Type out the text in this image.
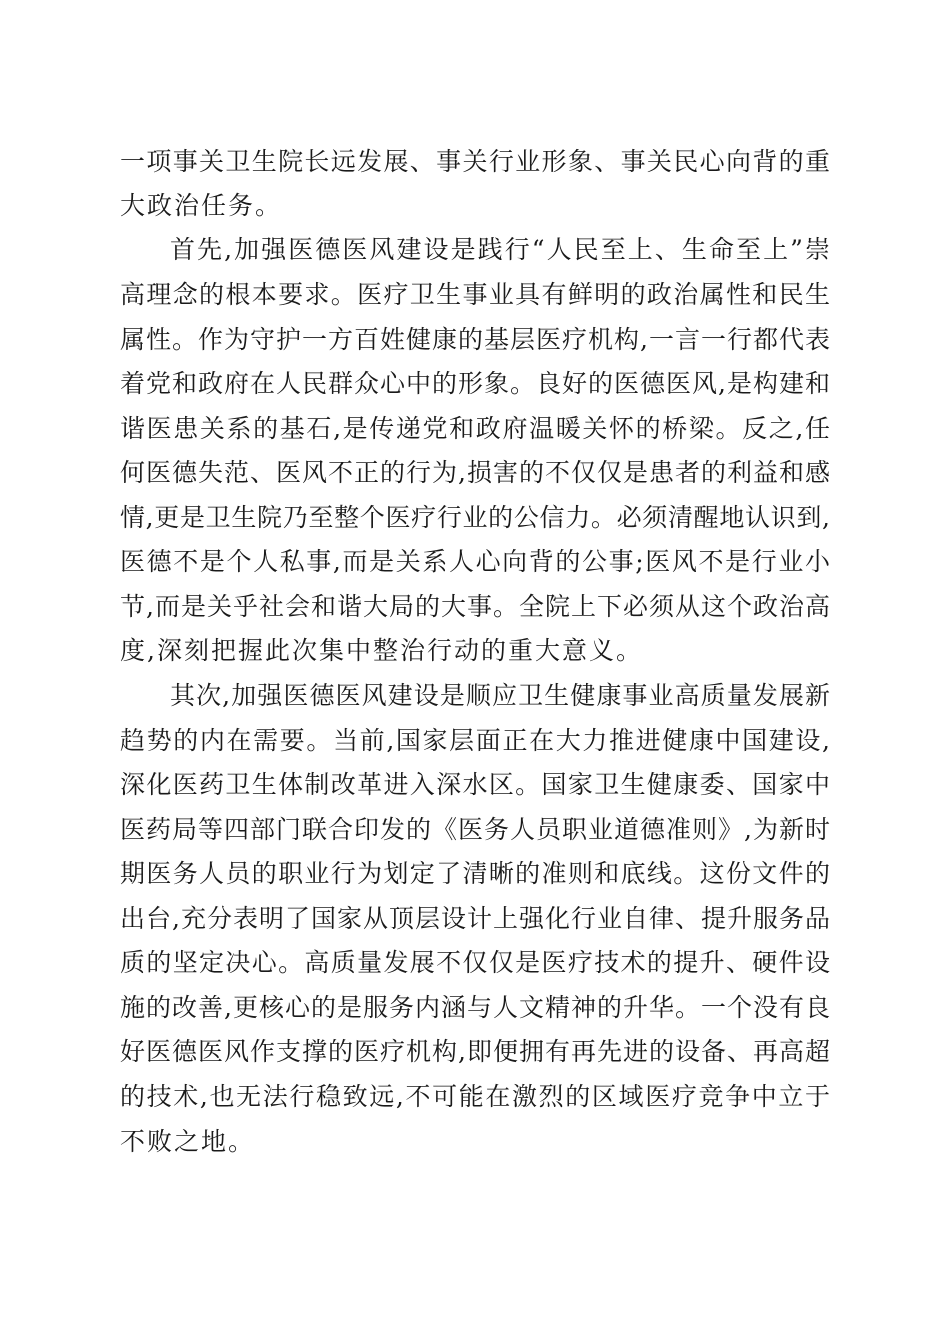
一项事关卫生院长远发展、事关行业形象、事关民心向背的重
大政治任务。
首先,加强医德医风建设是践行“人民至上、生命至上”崇
高理念的根本要求。医疗卫生事业具有鲜明的政治属性和民生
属性。作为守护一方百姓健康的基层医疗机构,一言一行都代表
着党和政府在人民群众心中的形象。良好的医德医风,是构建和
谐医患关系的基石,是传递党和政府温暖关怀的桥梁。反之,任
何医德失范、医风不正的行为,损害的不仅仅是患者的利益和感
情,更是卫生院乃至整个医疗行业的公信力。必须清醒地认识到,
医德不是个人私事,而是关系人心向背的公事;医风不是行业小
节,而是关乎社会和谐大局的大事。全院上下必须从这个政治高
度,深刻把握此次集中整治行动的重大意义。
其次,加强医德医风建设是顺应卫生健康事业高质量发展新
趋势的内在需要。当前,国家层面正在大力推进健康中国建设,
深化医药卫生体制改革进入深水区。国家卫生健康委、国家中
医药局等四部门联合印发的《医务人员职业道德准则》,为新时
期医务人员的职业行为划定了清晰的准则和底线。这份文件的
出台,充分表明了国家从顶层设计上强化行业自律、提升服务品
质的坚定决心。高质量发展不仅仅是医疗技术的提升、硬件设
施的改善,更核心的是服务内涵与人文精神的升华。一个没有良
好医德医风作支撑的医疗机构,即便拥有再先进的设备、再高超
的技术,也无法行稳致远,不可能在激烈的区域医疗竞争中立于
不败之地。
